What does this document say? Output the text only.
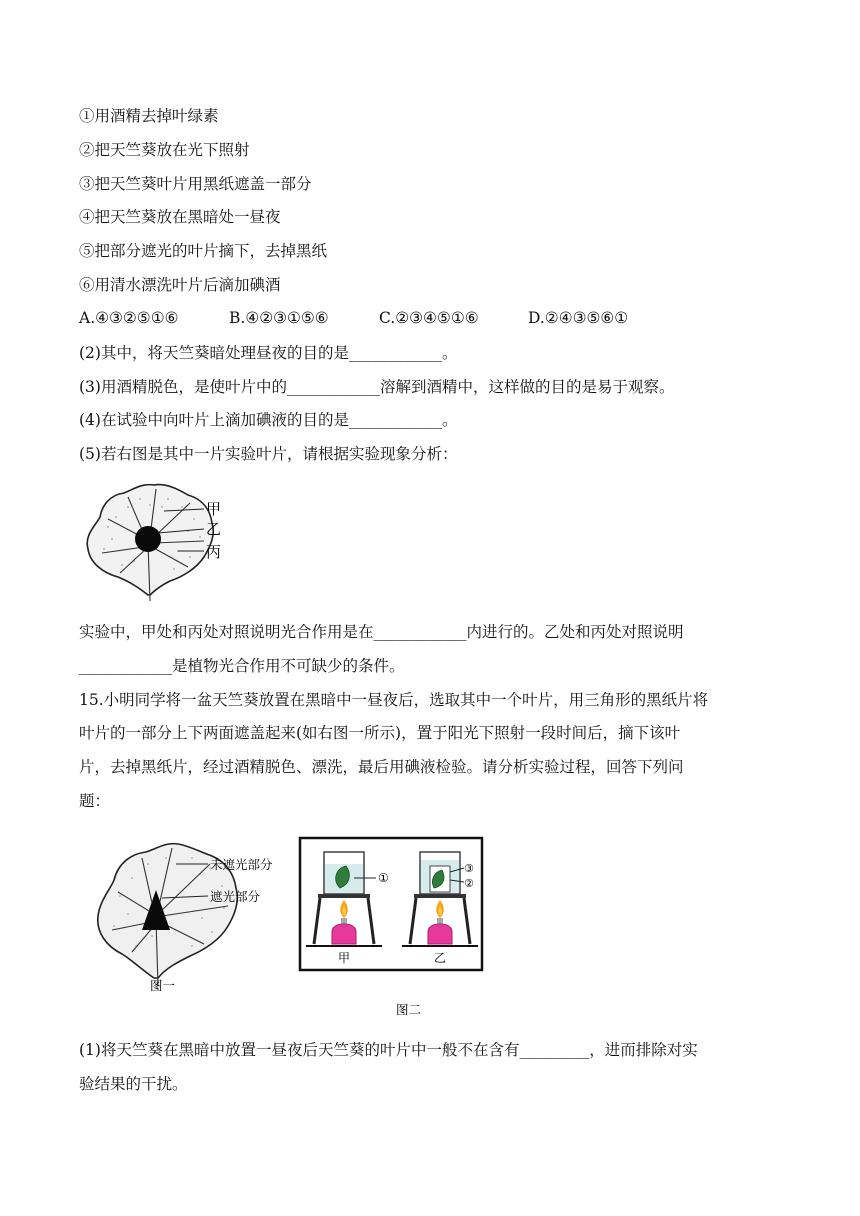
①用酒精去掉叶绿素
②把天竺葵放在光下照射
③把天竺葵叶片用黑纸遮盖一部分
④把天竺葵放在黑暗处一昼夜
⑤把部分遮光的叶片摘下，去掉黑纸
⑥用清水漂洗叶片后滴加碘酒
A.④③②⑤①⑥	B.④②③①⑤⑥	C.②③④⑤①⑥	D.②④③⑤⑥①
(2)其中，将天竺葵暗处理昼夜的目的是____________。
(3)用酒精脱色，是使叶片中的____________溶解到酒精中，这样做的目的是易于观察。
(4)在试验中向叶片上滴加碘液的目的是____________。
(5)若右图是其中一片实验叶片，请根据实验现象分析：
甲
乙
丙
实验中，甲处和丙处对照说明光合作用是在____________内进行的。乙处和丙处对照说明
____________是植物光合作用不可缺少的条件。
15.小明同学将一盆天竺葵放置在黑暗中一昼夜后，选取其中一个叶片，用三角形的黑纸片将
叶片的一部分上下两面遮盖起来(如右图一所示)，置于阳光下照射一段时间后，摘下该叶
片，去掉黑纸片，经过酒精脱色、漂洗，最后用碘液检验。请分析实验过程，回答下列问
题：
未遮光部分
遮光部分
图一
①
甲
③
②
乙
图二
(1)将天竺葵在黑暗中放置一昼夜后天竺葵的叶片中一般不在含有_________，进而排除对实
验结果的干扰。
